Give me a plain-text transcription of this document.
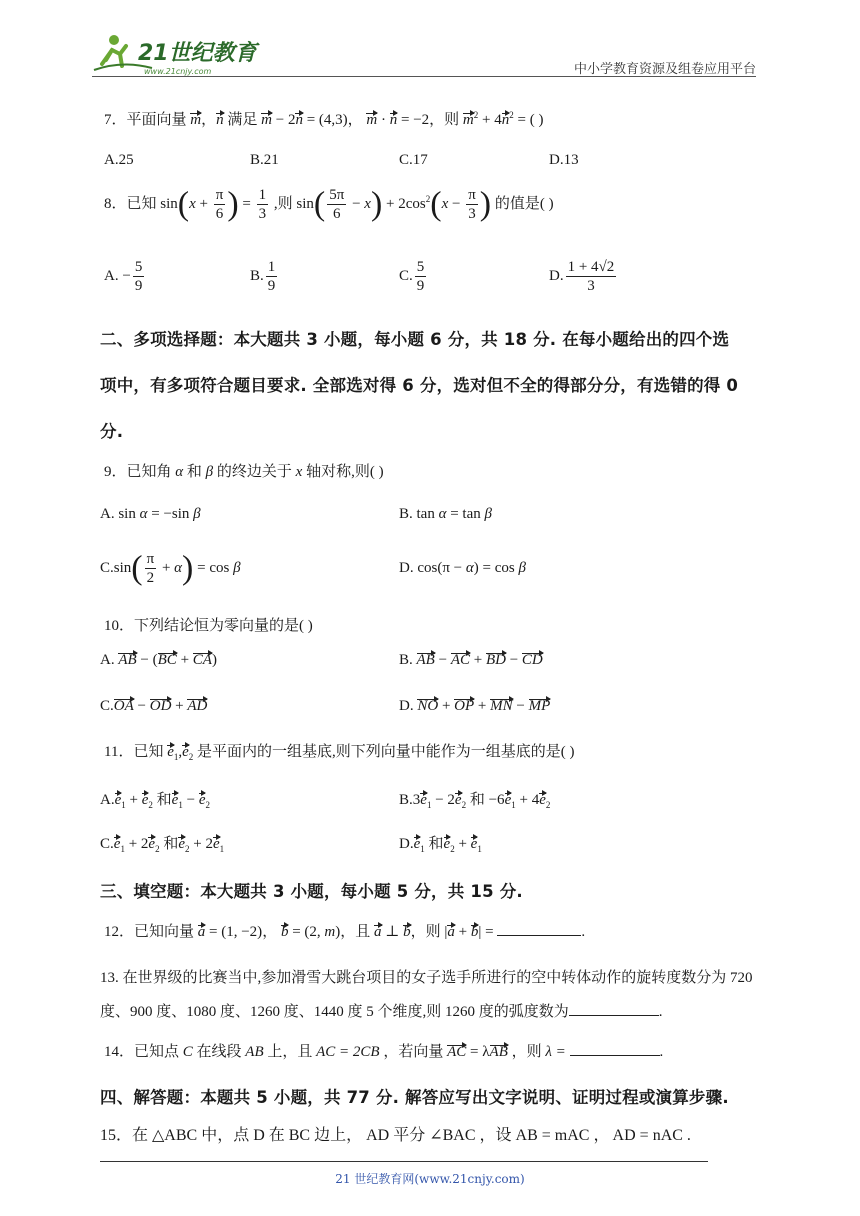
21世纪教育
www.21cnjy.com	中小学教育资源及组卷应用平台
7．平面向量 m，n 满足 m − 2n = (4,3)， m · n = −2，则 $m^2 + 4n^2$ = ( )
A.25	B.21	C.17	D.13
8．已知 $\sin(x + \frac{\pi}{6}$ ) = $\frac{1}{3}$ ,则 $\sin( \frac{5\pi}{6} - x) + 2\cos^2(x - \frac{\pi}{3}$ ) 的值是( )
A. − $\frac{5}{9}$	B. $\frac{1}{9}$	C. $\frac{5}{9}$	D. $\frac{1 + 4√2}{3}$
二、多项选择题：本大题共 3 小题，每小题 6 分，共 18 分. 在每小题给出的四个选
项中，有多项符合题目要求. 全部选对得 6 分，选对但不全的得部分分，有选错的得 0
分.
9．已知角 α 和 β 的终边关于 x 轴对称,则( )
A. sin α = −sin β	B. tan α = tan β
$C.\sin( \frac{\pi}{2} + \alpha) = \cos \beta$	D. cos(π − α) = cos β
10．下列结论恒为零向量的是( )
A. AB − (BC + CA)	B. AB − AC + BD − CD
C.OA − OD + AD	D. NO + OP + MN − MP
11．已知 $e_1,e_2$ 是平面内的一组基底,则下列向量中能作为一组基底的是( )
$A.e_1 + e_2$ 和$e_1 - e_2$	$B.3e_1 - 2e_2$ 和 $-6e_1 + 4e_2$
$C.e_1 + 2e_2$ 和$e_2 + 2e_1$	$D.e_1$ 和$e_2 + e_1$
三、填空题：本大题共 3 小题，每小题 5 分，共 15 分.
12．已知向量 a = (1, −2)， b = (2, m)，且 a ⊥ b，则 |a + b| =	.
13. 在世界级的比赛当中,参加滑雪大跳台项目的女子选手所进行的空中转体动作的旋转度数分为 720
度、900 度、1080 度、1260 度、1440 度 5 个维度,则 1260 度的弧度数为	.
14．已知点 C 在线段 AB 上，且 AC = 2CB ，若向量 AC = λAB ，则 λ =	.
四、解答题：本题共 5 小题，共 77 分. 解答应写出文字说明、证明过程或演算步骤.
15．在 △ABC 中，点 D 在 BC 边上， AD 平分 ∠BAC ，设 AB = mAC ， AD = nAC .
21 世纪教育网(www.21cnjy.com)
